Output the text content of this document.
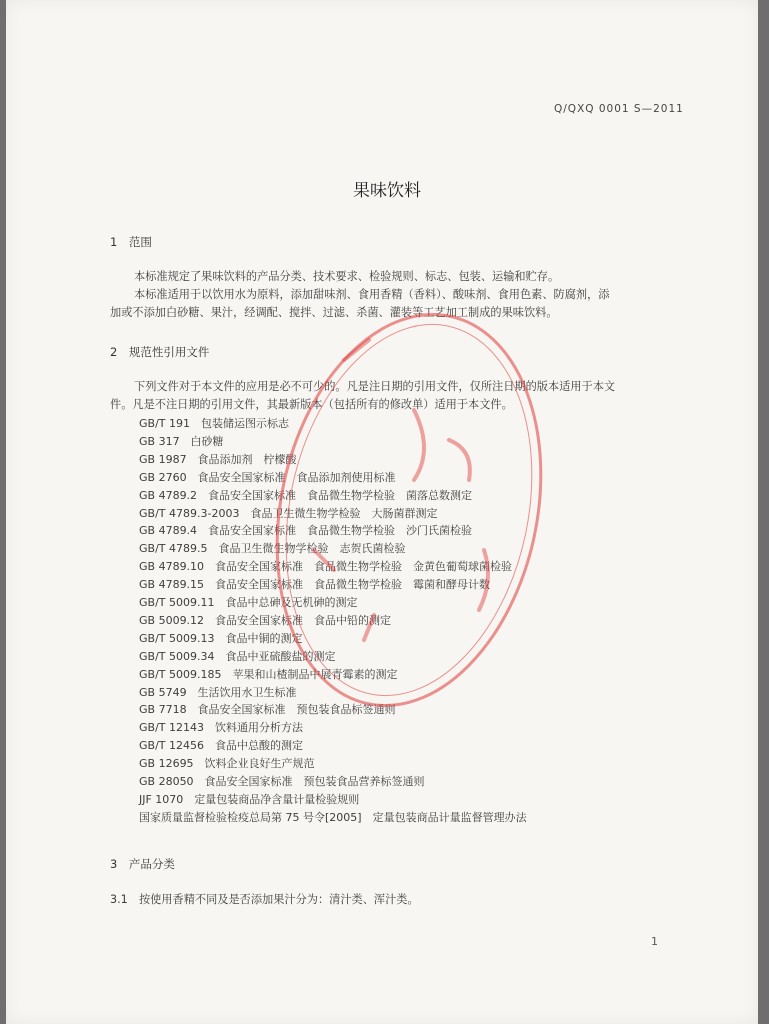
Q/QXQ 0001 S—2011
果味饮料
1　范围
本标准规定了果味饮料的产品分类、技术要求、检验规则、标志、包装、运输和贮存。
本标准适用于以饮用水为原料，添加甜味剂、食用香精（香料）、酸味剂、食用色素、防腐剂，添
加或不添加白砂糖、果汁，经调配、搅拌、过滤、杀菌、灌装等工艺加工制成的果味饮料。
2　规范性引用文件
下列文件对于本文件的应用是必不可少的。凡是注日期的引用文件，仅所注日期的版本适用于本文
件。凡是不注日期的引用文件，其最新版本（包括所有的修改单）适用于本文件。
GB/T 191　包装储运图示标志
GB 317　白砂糖
GB 1987　食品添加剂　柠檬酸
GB 2760　食品安全国家标准　食品添加剂使用标准
GB 4789.2　食品安全国家标准　食品微生物学检验　菌落总数测定
GB/T 4789.3-2003　食品卫生微生物学检验　大肠菌群测定
GB 4789.4　食品安全国家标准　食品微生物学检验　沙门氏菌检验
GB/T 4789.5　食品卫生微生物学检验　志贺氏菌检验
GB 4789.10　食品安全国家标准　食品微生物学检验　金黄色葡萄球菌检验
GB 4789.15　食品安全国家标准　食品微生物学检验　霉菌和酵母计数
GB/T 5009.11　食品中总砷及无机砷的测定
GB 5009.12　食品安全国家标准　食品中铅的测定
GB/T 5009.13　食品中铜的测定
GB/T 5009.34　食品中亚硫酸盐的测定
GB/T 5009.185　苹果和山楂制品中展青霉素的测定
GB 5749　生活饮用水卫生标准
GB 7718　食品安全国家标准　预包装食品标签通则
GB/T 12143　饮料通用分析方法
GB/T 12456　食品中总酸的测定
GB 12695　饮料企业良好生产规范
GB 28050　食品安全国家标准　预包装食品营养标签通则
JJF 1070　定量包装商品净含量计量检验规则
国家质量监督检验检疫总局第 75 号令[2005]　定量包装商品计量监督管理办法
3　产品分类
3.1　按使用香精不同及是否添加果汁分为：清汁类、浑汁类。
1
